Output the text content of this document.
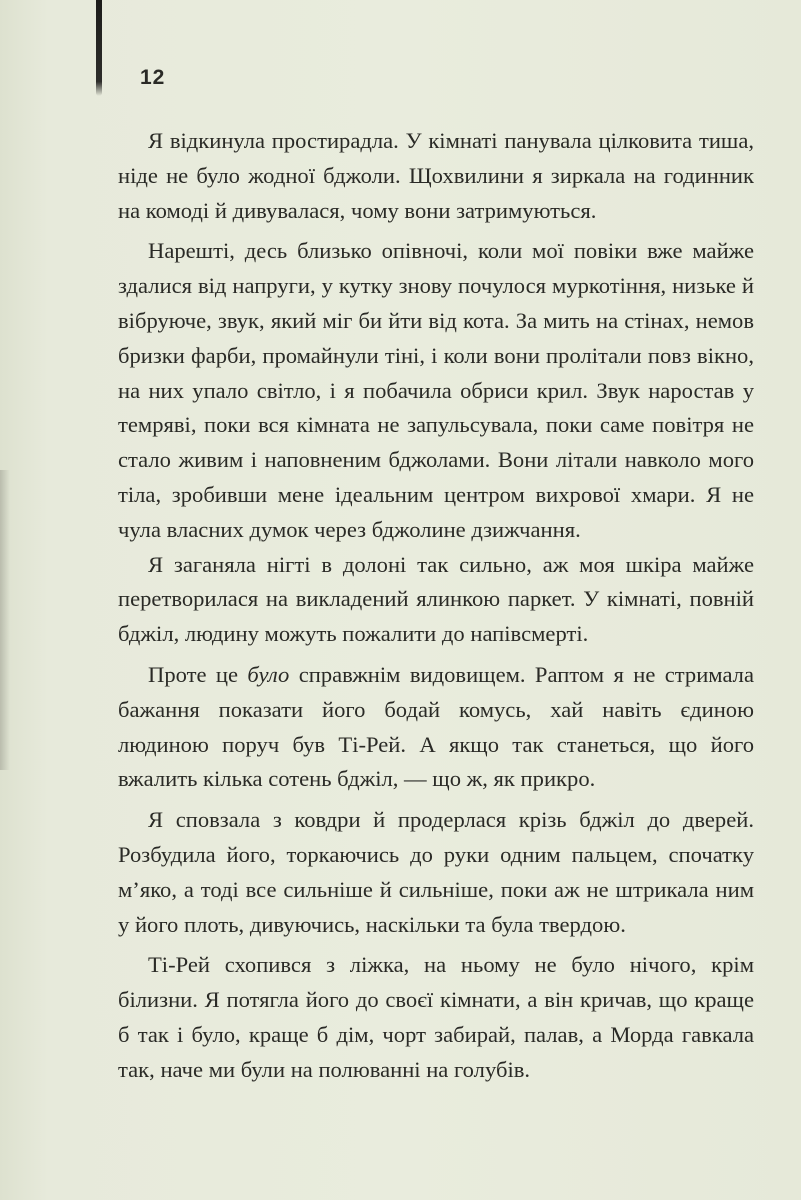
12

Я відкинула простирадла. У кімнаті панувала цілковита тиша, ніде не було жодної бджоли. Щохвилини я зиркала на годинник на комоді й дивувалася, чому вони затримуються.

Нарешті, десь близько опівночі, коли мої повіки вже майже здалися від напруги, у кутку знову почулося муркотіння, низьке й вібруюче, звук, який міг би йти від кота. За мить на стінах, немов бризки фарби, промайнули тіні, і коли вони пролітали повз вікно, на них упало світло, і я побачила обриси крил. Звук наростав у темряві, поки вся кімната не запульсувала, поки саме повітря не стало живим і наповненим бджолами. Вони літали навколо мого тіла, зробивши мене ідеальним центром вихрової хмари. Я не чула власних думок через бджолине дзижчання.

Я заганяла нігті в долоні так сильно, аж моя шкіра майже перетворилася на викладений ялинкою паркет. У кімнаті, повній бджіл, людину можуть пожалити до напівсмерті.

Проте це було справжнім видовищем. Раптом я не стримала бажання показати його бодай комусь, хай навіть єдиною людиною поруч був Ті-Рей. А якщо так станеться, що його вжалить кілька сотень бджіл, — що ж, як прикро.

Я сповзала з ковдри й продерлася крізь бджіл до дверей. Розбудила його, торкаючись до руки одним пальцем, спочатку м’яко, а тоді все сильніше й сильніше, поки аж не штрикала ним у його плоть, дивуючись, наскільки та була твердою.

Ті-Рей схопився з ліжка, на ньому не було нічого, крім білизни. Я потягла його до своєї кімнати, а він кричав, що краще б так і було, краще б дім, чорт забирай, палав, а Морда гавкала так, наче ми були на полюванні на голубів.
